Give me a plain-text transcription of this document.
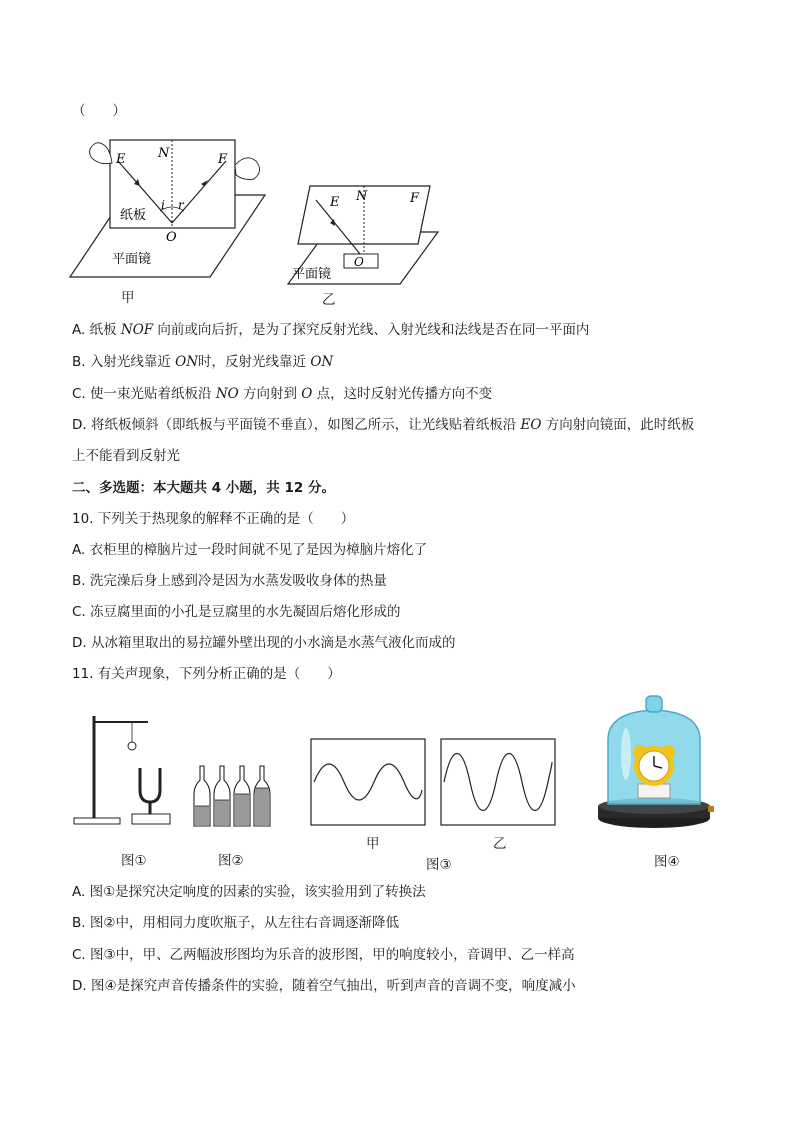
（　　）
E	N	F
i r
O
纸板
平面镜
甲
E N	F
O
平面镜
乙
A. 纸板 NOF 向前或向后折，是为了探究反射光线、入射光线和法线是否在同一平面内
B. 入射光线靠近 ON时，反射光线靠近 ON
C. 使一束光贴着纸板沿 NO 方向射到 O 点，这时反射光传播方向不变
D. 将纸板倾斜（即纸板与平面镜不垂直），如图乙所示，让光线贴着纸板沿 EO 方向射向镜面，此时纸板
上不能看到反射光
二、多选题：本大题共 4 小题，共 12 分。
10. 下列关于热现象的解释不正确的是（　　）
A. 衣柜里的樟脑片过一段时间就不见了是因为樟脑片熔化了
B. 洗完澡后身上感到冷是因为水蒸发吸收身体的热量
C. 冻豆腐里面的小孔是豆腐里的水先凝固后熔化形成的
D. 从冰箱里取出的易拉罐外壁出现的小水滴是水蒸气液化而成的
11. 有关声现象，下列分析正确的是（　　）
图①	图②
甲	乙
图③	图④
A. 图①是探究决定响度的因素的实验，该实验用到了转换法
B. 图②中，用相同力度吹瓶子，从左往右音调逐渐降低
C. 图③中，甲、乙两幅波形图均为乐音的波形图，甲的响度较小，音调甲、乙一样高
D. 图④是探究声音传播条件的实验，随着空气抽出，听到声音的音调不变，响度减小
